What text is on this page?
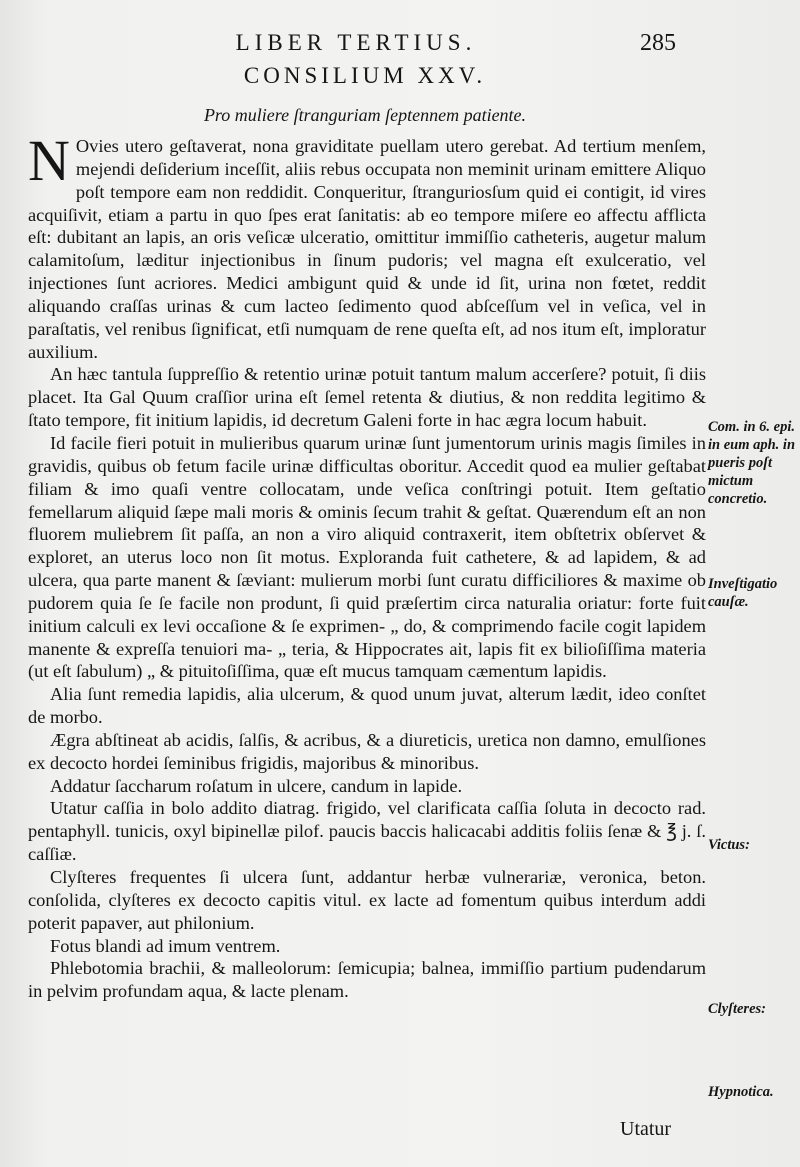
LIBER TERTIUS.	285
CONSILIUM XXV.
Pro muliere ſtranguriam ſeptennem patiente.

N Ovies utero geſtaverat, nona graviditate puellam utero gerebat. Ad tertium menſem, mejendi deſiderium inceſſit, aliis rebus occupata non meminit urinam emittere Aliquo poſt tempore eam non reddidit. Conqueritur, ſtranguriosſum quid ei contigit, id vires acquiſivit, etiam a partu in quo ſpes erat ſanitatis: ab eo tempore miſere eo affectu afflicta eſt: dubitant an lapis, an oris veſicæ ulceratio, omittitur immiſſio catheteris, augetur malum calamitoſum, læditur injectionibus in ſinum pudoris; vel magna eſt exulceratio, vel injectiones ſunt acriores. Medici ambigunt quid & unde id ſit, urina non fœtet, reddit aliquando craſſas urinas & cum lacteo ſedimento quod abſceſſum vel in veſica, vel in paraſtatis, vel renibus ſignificat, etſi numquam de rene queſta eſt, ad nos itum eſt, imploratur auxilium.

An hæc tantula ſuppreſſio & retentio urinæ potuit tantum malum accerſere? potuit, ſi diis placet. Ita Gal Quum craſſior urina eſt ſemel retenta & diutius, & non reddita legitimo & ſtato tempore, fit initium lapidis, id decretum Galeni forte in hac ægra locum habuit.

Id facile fieri potuit in mulieribus quarum urinæ ſunt jumentorum urinis magis ſimiles in gravidis, quibus ob fetum facile urinæ difficultas oboritur. Accedit quod ea mulier geſtabat filiam & imo quaſi ventre collocatam, unde veſica conſtringi potuit. Item geſtatio femellarum aliquid ſæpe mali moris & ominis ſecum trahit & geſtat. Quærendum eſt an non fluorem muliebrem ſit paſſa, an non a viro aliquid contraxerit, item obſtetrix obſervet & exploret, an uterus loco non ſit motus. Exploranda fuit cathetere, & ad lapidem, & ad ulcera, qua parte manent & ſæviant: mulierum morbi ſunt curatu difficiliores & maxime ob pudorem quia ſe ſe facile non produnt, ſi quid præſertim circa naturalia oriatur: forte fuit initium calculi ex levi occaſione & ſe exprimen- „ do, & comprimendo facile cogit lapidem manente & expreſſa tenuiori ma- „ teria, & Hippocrates ait, lapis fit ex bilioſiſſima materia (ut eſt ſabulum) „ & pituitoſiſſima, quæ eſt mucus tamquam cæmentum lapidis.

Alia ſunt remedia lapidis, alia ulcerum, & quod unum juvat, alterum lædit, ideo conſtet de morbo.

Ægra abſtineat ab acidis, ſalſis, & acribus, & a diureticis, uretica non damno, emulſiones ex decocto hordei ſeminibus frigidis, majoribus & minoribus.

Addatur ſaccharum roſatum in ulcere, candum in lapide.

Utatur caſſia in bolo addito diatrag. frigido, vel clarificata caſſia ſoluta in decocto rad. pentaphyll. tunicis, oxyl bipinellæ pilof. paucis baccis halicacabi additis foliis ſenæ & ℥ j. ſ. caſſiæ.

Clyſteres frequentes ſi ulcera ſunt, addantur herbæ vulnerariæ, veronica, beton. conſolida, clyſteres ex decocto capitis vitul. ex lacte ad fomentum quibus interdum addi poterit papaver, aut philonium.

Fotus blandi ad imum ventrem.

Phlebotomia brachii, & malleolorum: ſemicupia; balnea, immiſſio partium pudendarum in pelvim profundam aqua, & lacte plenam.

Com. in 6. epi. in eum aph. in pueris poſt mictum concretio.
Inveſtigatio cauſæ.
Victus:
Clyſteres:
Hypnotica.
Utatur
